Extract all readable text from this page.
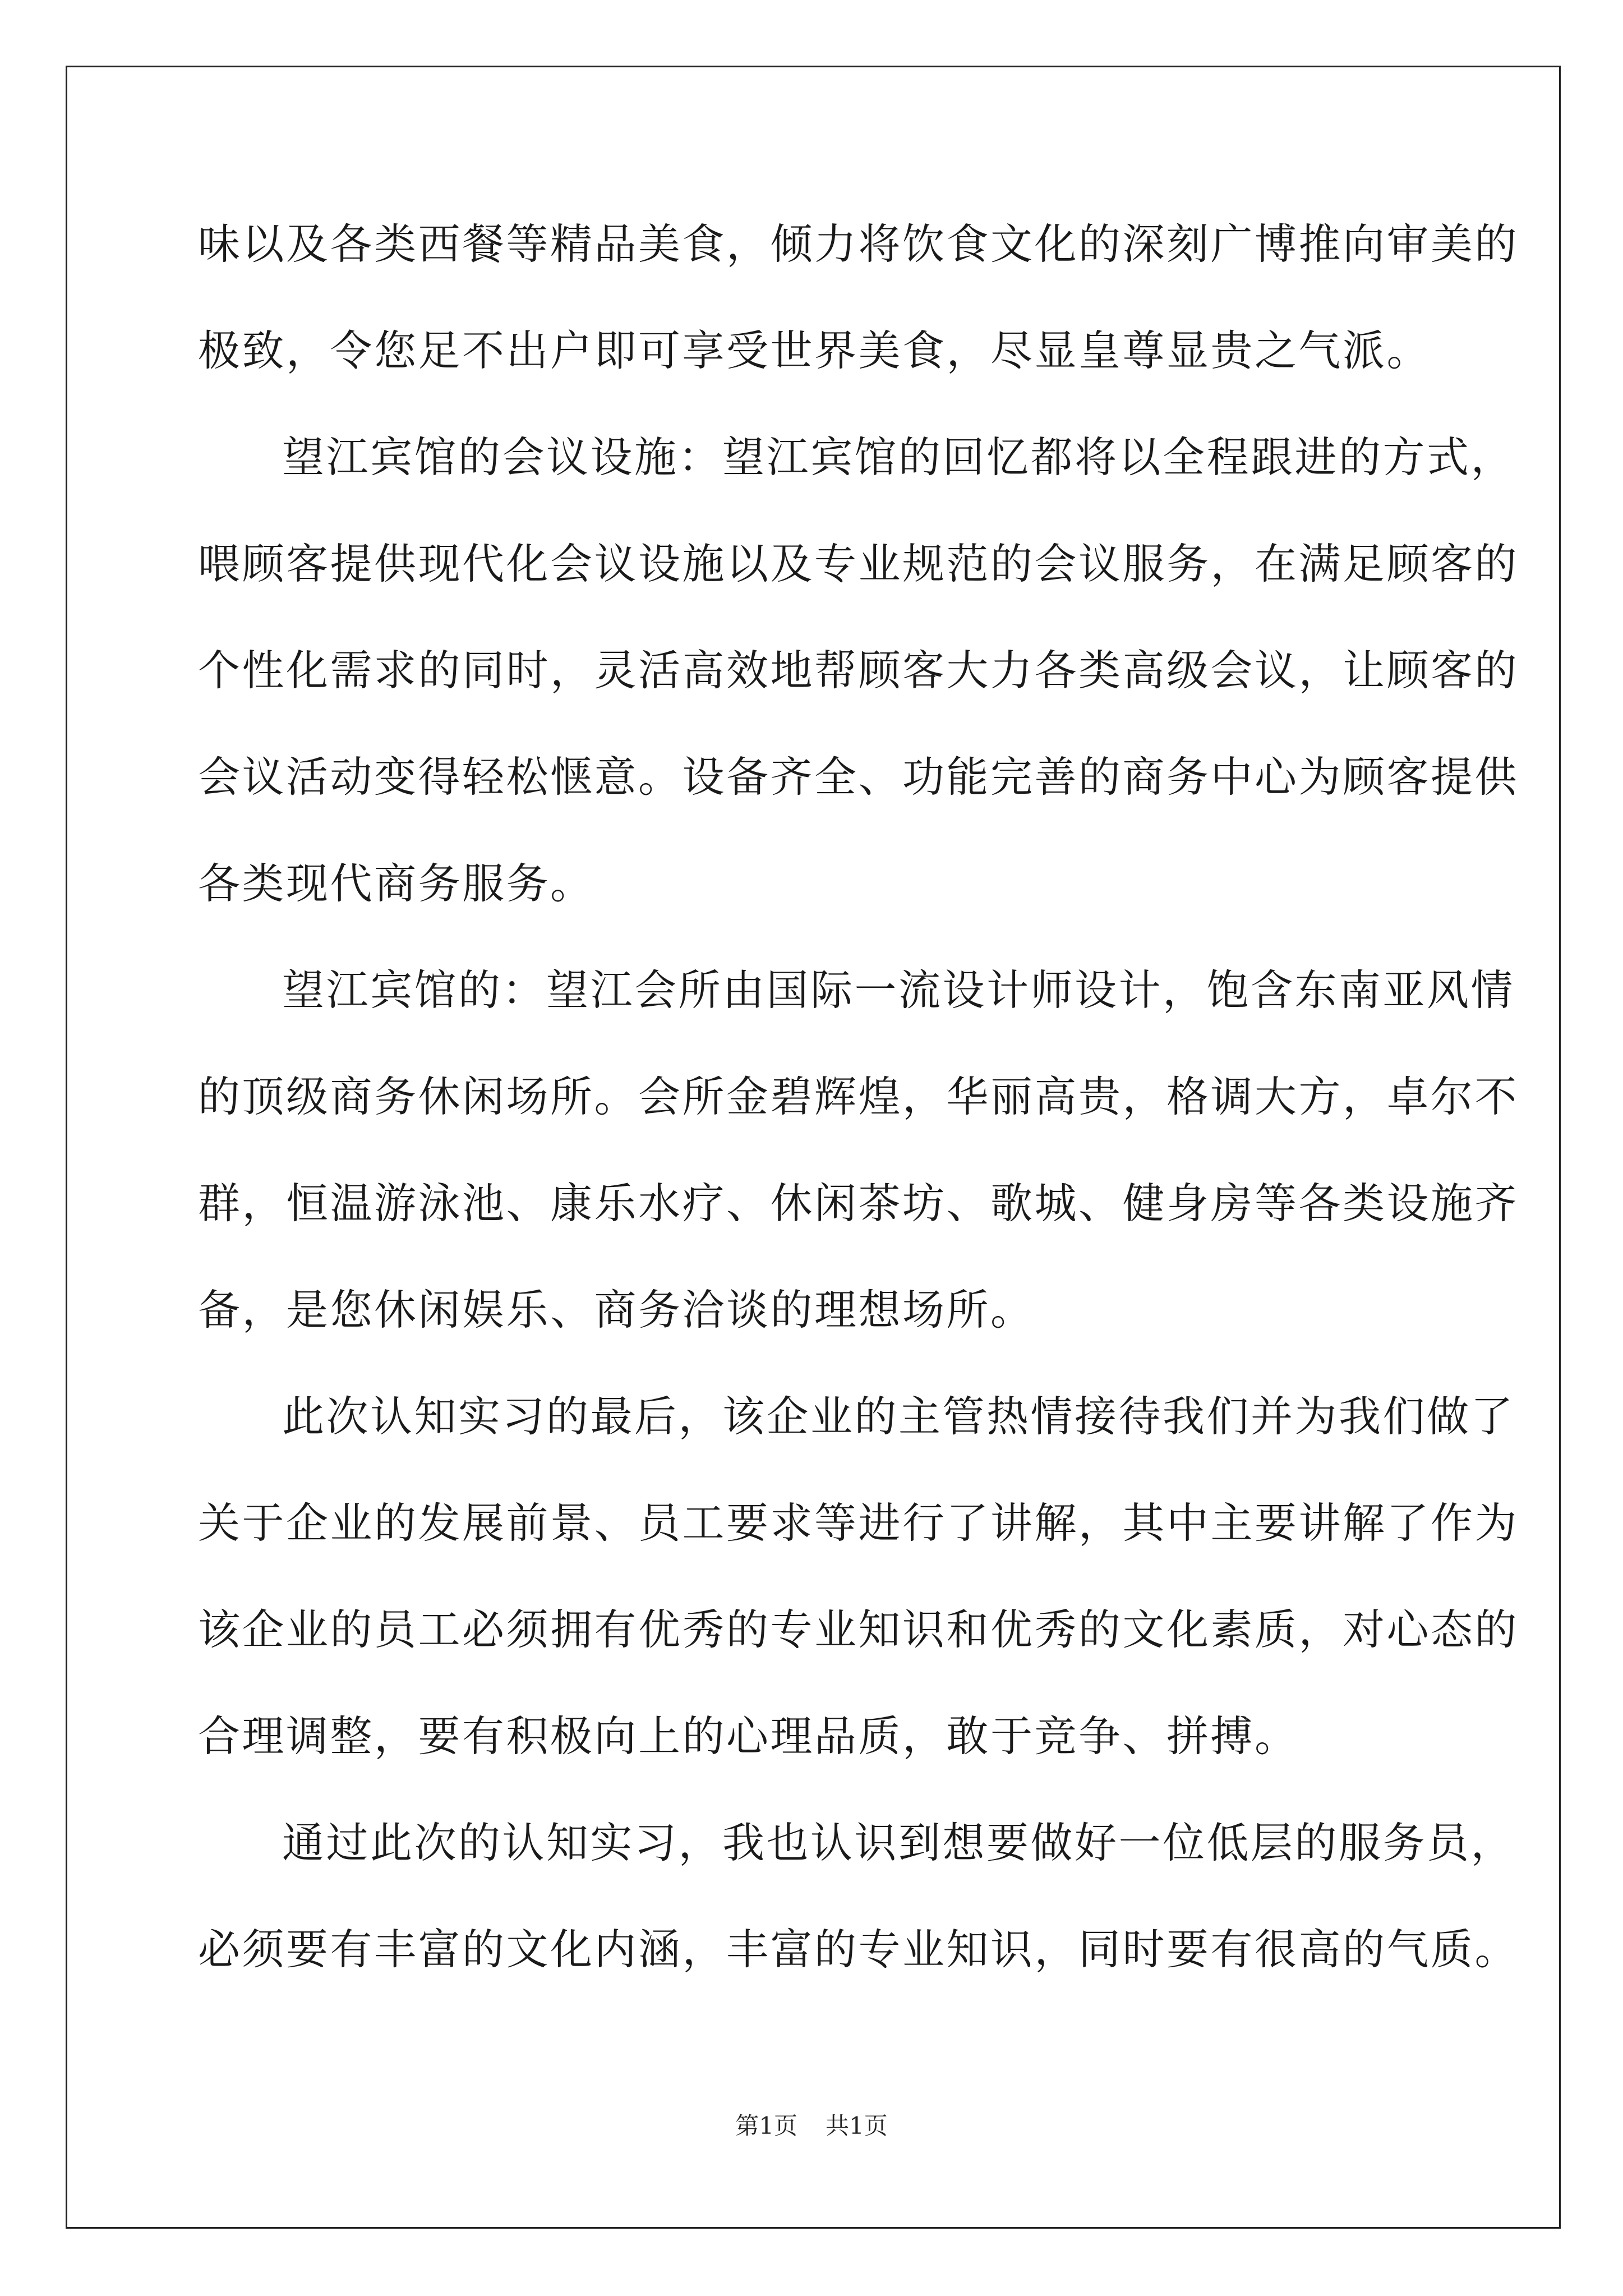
味以及各类西餐等精品美食，倾力将饮食文化的深刻广博推向审美的
极致，令您足不出户即可享受世界美食，尽显皇尊显贵之气派。
望江宾馆的会议设施：望江宾馆的回忆都将以全程跟进的方式，
喂顾客提供现代化会议设施以及专业规范的会议服务，在满足顾客的
个性化需求的同时，灵活高效地帮顾客大力各类高级会议，让顾客的
会议活动变得轻松惬意。设备齐全、功能完善的商务中心为顾客提供
各类现代商务服务。
望江宾馆的：望江会所由国际一流设计师设计，饱含东南亚风情
的顶级商务休闲场所。会所金碧辉煌，华丽高贵，格调大方，卓尔不
群，恒温游泳池、康乐水疗、休闲茶坊、歌城、健身房等各类设施齐
备，是您休闲娱乐、商务洽谈的理想场所。
此次认知实习的最后，该企业的主管热情接待我们并为我们做了
关于企业的发展前景、员工要求等进行了讲解，其中主要讲解了作为
该企业的员工必须拥有优秀的专业知识和优秀的文化素质，对心态的
合理调整，要有积极向上的心理品质，敢于竞争、拼搏。
通过此次的认知实习，我也认识到想要做好一位低层的服务员，
必须要有丰富的文化内涵，丰富的专业知识，同时要有很高的气质。
第1页 共1页
